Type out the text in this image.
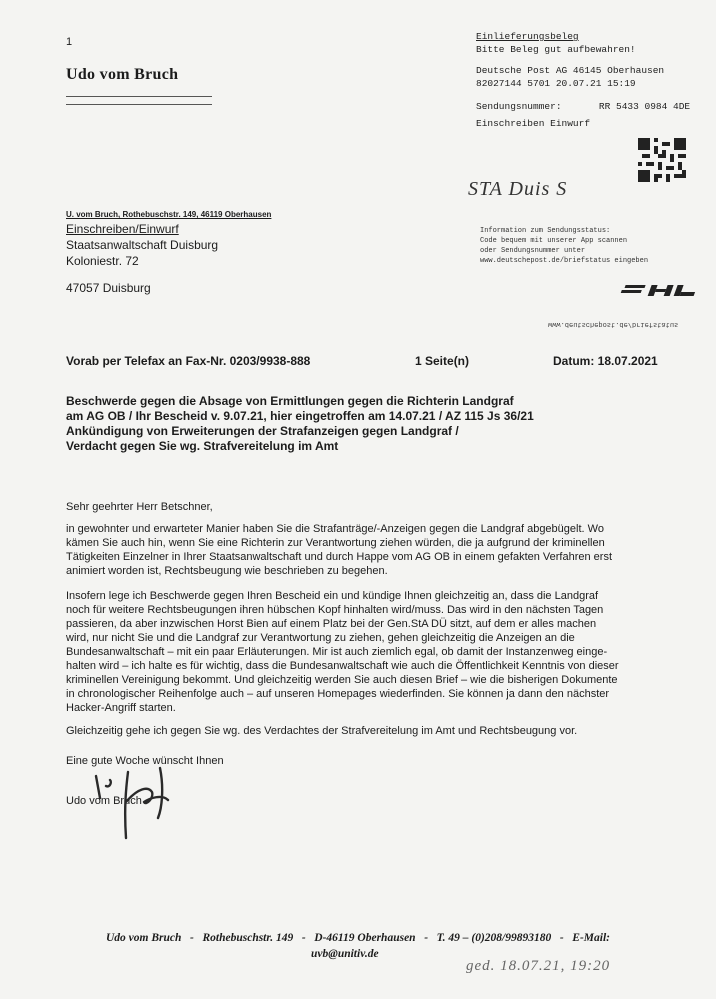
1
Udo vom Bruch
U. vom Bruch, Rothebuschstr. 149, 46119 Oberhausen
Einschreiben/Einwurf
Staatsanwaltschaft Duisburg
Koloniestr. 72
47057 Duisburg
Einlieferungsbeleg
Bitte Beleg gut aufbewahren!
Deutsche Post AG 46145 Oberhausen
82027144 5701 20.07.21 15:19
Sendungsnummer:	RR 5433 0984 4DE
Einschreiben Einwurf
STA Duis S
Information zum Sendungsstatus:
Code bequem mit unserer App scannen
oder Sendungsnummer unter
www.deutschepost.de/briefstatus eingeben
www.deutschepost.de/briefstatus
Vorab per Telefax an Fax-Nr. 0203/9938-888	1 Seite(n)	Datum: 18.07.2021
Beschwerde gegen die Absage von Ermittlungen gegen die Richterin Landgraf
am AG OB / Ihr Bescheid v. 9.07.21, hier eingetroffen am 14.07.21 / AZ 115 Js 36/21
Ankündigung von Erweiterungen der Strafanzeigen gegen Landgraf /
Verdacht gegen Sie wg. Strafvereitelung im Amt
Sehr geehrter Herr Betschner,
in gewohnter und erwarteter Manier haben Sie die Strafanträge/-Anzeigen gegen die Landgraf abgebügelt. Wo
kämen Sie auch hin, wenn Sie eine Richterin zur Verantwortung ziehen würden, die ja aufgrund der kriminellen
Tätigkeiten Einzelner in Ihrer Staatsanwaltschaft und durch Happe vom AG OB in einem gefakten Verfahren erst
animiert worden ist, Rechtsbeugung wie beschrieben zu begehen.
Insofern lege ich Beschwerde gegen Ihren Bescheid ein und kündige Ihnen gleichzeitig an, dass die Landgraf
noch für weitere Rechtsbeugungen ihren hübschen Kopf hinhalten wird/muss. Das wird in den nächsten Tagen
passieren, da aber inzwischen Horst Bien auf einem Platz bei der Gen.StA DÜ sitzt, auf dem er alles machen
wird, nur nicht Sie und die Landgraf zur Verantwortung zu ziehen, gehen gleichzeitig die Anzeigen an die
Bundesanwaltschaft – mit ein paar Erläuterungen. Mir ist auch ziemlich egal, ob damit der Instanzenweg einge-
halten wird – ich halte es für wichtig, dass die Bundesanwaltschaft wie auch die Öffentlichkeit Kenntnis von dieser
kriminellen Vereinigung bekommt. Und gleichzeitig werden Sie auch diesen Brief – wie die bisherigen Dokumente
in chronologischer Reihenfolge auch – auf unseren Homepages wiederfinden. Sie können ja dann den nächster
Hacker-Angriff starten.
Gleichzeitig gehe ich gegen Sie wg. des Verdachtes der Strafvereitelung im Amt und Rechtsbeugung vor.
Eine gute Woche wünscht Ihnen
Udo vom Bruch
Udo vom Bruch   -   Rothebuschstr. 149   -   D-46119 Oberhausen   -   T. 49 – (0)208/99893180   -   E-Mail:
uvb@unitiv.de
ged. 18.07.21, 19:20
